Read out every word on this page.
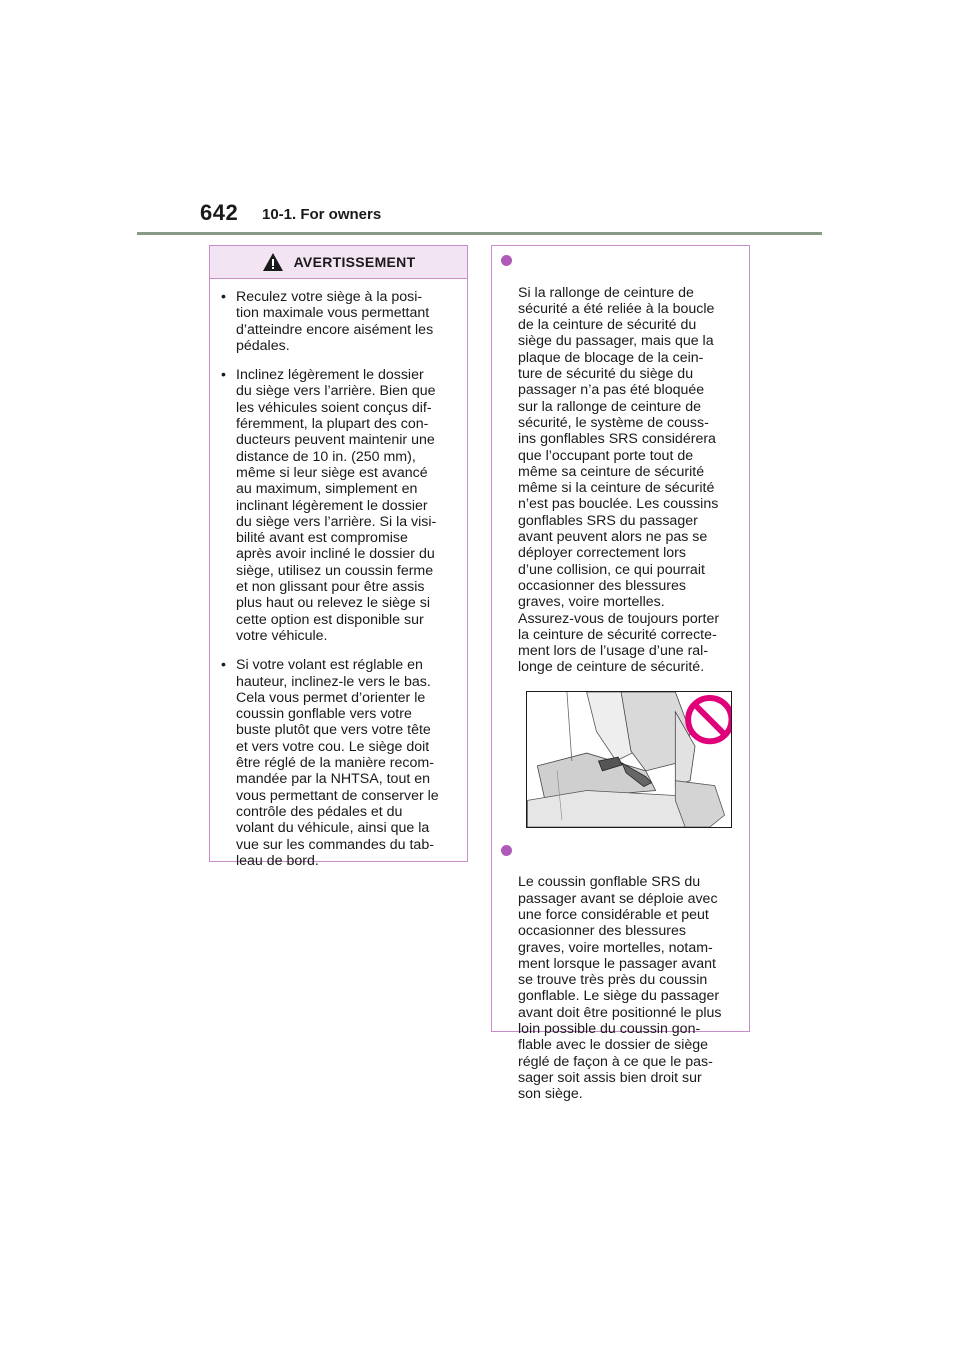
642 10-1. For owners
AVERTISSEMENT
• Reculez votre siège à la posi-
tion maximale vous permettant
d’atteindre encore aisément les
pédales.
• Inclinez légèrement le dossier
du siège vers l’arrière. Bien que
les véhicules soient conçus dif-
féremment, la plupart des con-
ducteurs peuvent maintenir une
distance de 10 in. (250 mm),
même si leur siège est avancé
au maximum, simplement en
inclinant légèrement le dossier
du siège vers l’arrière. Si la visi-
bilité avant est compromise
après avoir incliné le dossier du
siège, utilisez un coussin ferme
et non glissant pour être assis
plus haut ou relevez le siège si
cette option est disponible sur
votre véhicule.
• Si votre volant est réglable en
hauteur, inclinez-le vers le bas.
Cela vous permet d’orienter le
coussin gonflable vers votre
buste plutôt que vers votre tête
et vers votre cou. Le siège doit
être réglé de la manière recom-
mandée par la NHTSA, tout en
vous permettant de conserver le
contrôle des pédales et du
volant du véhicule, ainsi que la
vue sur les commandes du tab-
leau de bord.

Si la rallonge de ceinture de
sécurité a été reliée à la boucle
de la ceinture de sécurité du
siège du passager, mais que la
plaque de blocage de la cein-
ture de sécurité du siège du
passager n’a pas été bloquée
sur la rallonge de ceinture de
sécurité, le système de couss-
ins gonflables SRS considérera
que l’occupant porte tout de
même sa ceinture de sécurité
même si la ceinture de sécurité
n’est pas bouclée. Les coussins
gonflables SRS du passager
avant peuvent alors ne pas se
déployer correctement lors
d’une collision, ce qui pourrait
occasionner des blessures
graves, voire mortelles.
Assurez-vous de toujours porter
la ceinture de sécurité correcte-
ment lors de l’usage d’une ral-
longe de ceinture de sécurité.

Le coussin gonflable SRS du
passager avant se déploie avec
une force considérable et peut
occasionner des blessures
graves, voire mortelles, notam-
ment lorsque le passager avant
se trouve très près du coussin
gonflable. Le siège du passager
avant doit être positionné le plus
loin possible du coussin gon-
flable avec le dossier de siège
réglé de façon à ce que le pas-
sager soit assis bien droit sur
son siège.
